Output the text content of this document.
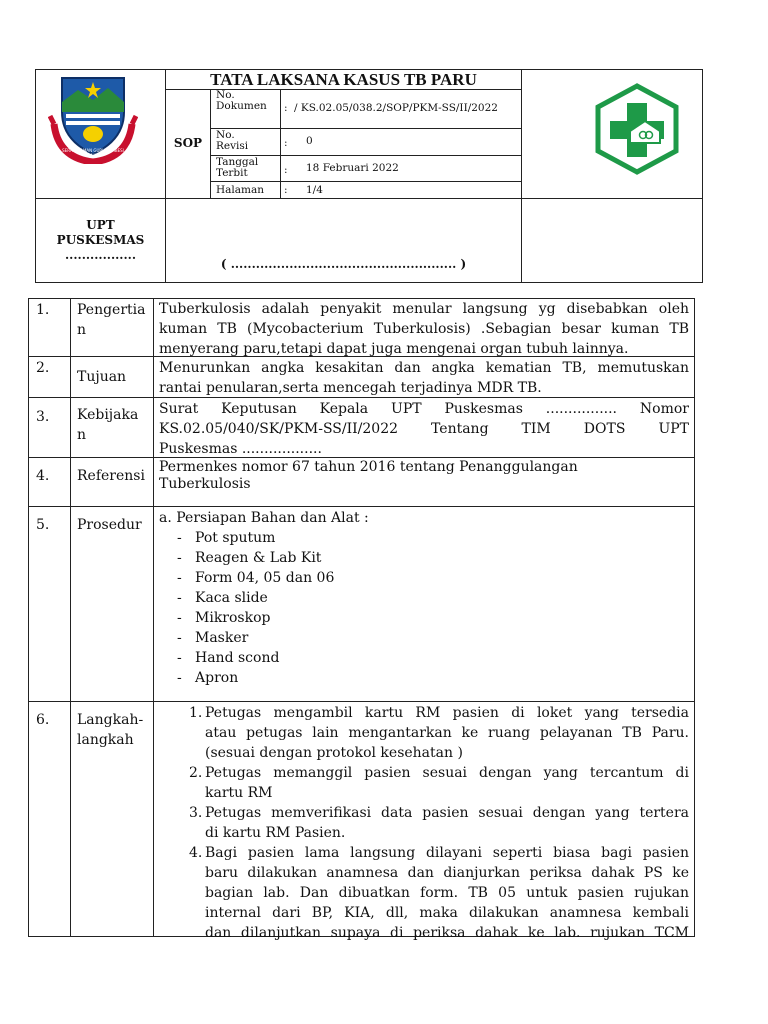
SERA PRIAMAN GURU TEMBESI PINAK
TATA LAKSANA KASUS TB PARU
SOP
No. Dokumen	: / KS.02.05/038.2/SOP/PKM-SS/II/2022
No. Revisi	:	0
Tanggal Terbit	:	18 Februari 2022
Halaman	:	1/4
UPT
PUSKESMAS
.................
( ...................................................... )
1.	Pengertian
Tuberkulosis adalah penyakit menular langsung yg disebabkan oleh
kuman TB (Mycobacterium Tuberkulosis) .Sebagian besar kuman TB
menyerang paru,tetapi dapat juga mengenai organ tubuh lainnya.
2.
Tujuan
Menurunkan angka kesakitan dan angka kematian TB, memutuskan
rantai penularan,serta mencegah terjadinya MDR TB.
3.	Kebijakan
Surat Keputusan Kepala UPT Puskesmas ................ Nomor
KS.02.05/040/SK/PKM-SS/II/2022 Tentang TIM DOTS UPT
Puskesmas ..................
4.	Referensi
Permenkes nomor 67 tahun 2016 tentang Penanggulangan
Tuberkulosis
5.	Prosedur	a. Persiapan Bahan dan Alat :
- Pot sputum
- Reagen & Lab Kit
- Form 04, 05 dan 06
- Kaca slide
- Mikroskop
- Masker
- Hand scond
- Apron
6.	Langkah-langkah
1. Petugas mengambil kartu RM pasien di loket yang tersedia
atau petugas lain mengantarkan ke ruang pelayanan TB Paru.
(sesuai dengan protokol kesehatan )
2. Petugas memanggil pasien sesuai dengan yang tercantum di
kartu RM
3. Petugas memverifikasi data pasien sesuai dengan yang tertera
di kartu RM Pasien.
4. Bagi pasien lama langsung dilayani seperti biasa bagi pasien
baru dilakukan anamnesa dan dianjurkan periksa dahak PS ke
bagian lab. Dan dibuatkan form. TB 05 untuk pasien rujukan
internal dari BP, KIA, dll, maka dilakukan anamnesa kembali
dan dilanjutkan supaya di periksa dahak ke lab. rujukan TCM
